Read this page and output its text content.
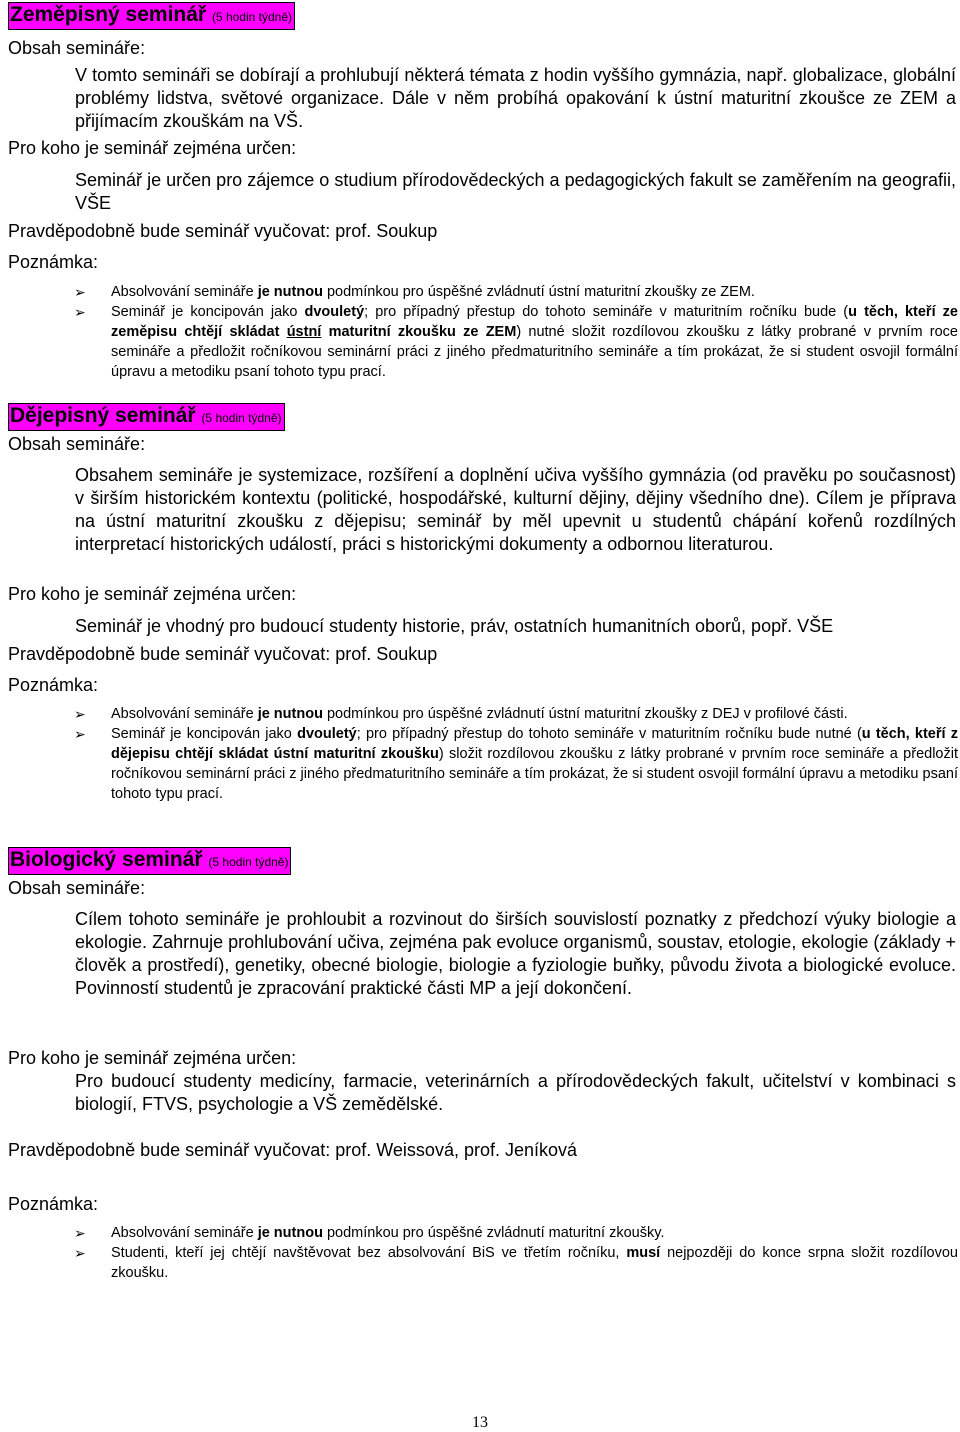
Zeměpisný seminář (5 hodin týdně)
Obsah semináře:
V tomto semináři se dobírají a prohlubují některá témata z hodin vyššího gymnázia, např. globalizace, globální problémy lidstva, světové organizace. Dále v něm probíhá opakování k ústní maturitní zkoušce ze ZEM a přijímacím zkouškám na VŠ.
Pro koho je seminář zejména určen:
Seminář je určen pro zájemce o studium přírodovědeckých a pedagogických fakult se zaměřením na geografii, VŠE
Pravděpodobně bude seminář vyučovat: prof. Soukup
Poznámka:
➢ Absolvování semináře je nutnou podmínkou pro úspěšné zvládnutí ústní maturitní zkoušky ze ZEM.
➢ Seminář je koncipován jako dvouletý; pro případný přestup do tohoto semináře v maturitním ročníku bude (u těch, kteří ze zeměpisu chtějí skládat ústní maturitní zkoušku ze ZEM) nutné složit rozdílovou zkoušku z látky probrané v prvním roce semináře a předložit ročníkovou seminární práci z jiného předmaturitního semináře a tím prokázat, že si student osvojil formální úpravu a metodiku psaní tohoto typu prací.
Dějepisný seminář (5 hodin týdně)
Obsah semináře:
Obsahem semináře je systemizace, rozšíření a doplnění učiva vyššího gymnázia (od pravěku po současnost) v širším historickém kontextu (politické, hospodářské, kulturní dějiny, dějiny všedního dne). Cílem je příprava na ústní maturitní zkoušku z dějepisu; seminář by měl upevnit u studentů chápání kořenů rozdílných interpretací historických událostí, práci s historickými dokumenty a odbornou literaturou.
Pro koho je seminář zejména určen:
Seminář je vhodný pro budoucí studenty historie, práv, ostatních humanitních oborů, popř. VŠE
Pravděpodobně bude seminář vyučovat: prof. Soukup
Poznámka:
➢ Absolvování semináře je nutnou podmínkou pro úspěšné zvládnutí ústní maturitní zkoušky z DEJ v profilové části.
➢ Seminář je koncipován jako dvouletý; pro případný přestup do tohoto semináře v maturitním ročníku bude nutné (u těch, kteří z dějepisu chtějí skládat ústní maturitní zkoušku) složit rozdílovou zkoušku z látky probrané v prvním roce semináře a předložit ročníkovou seminární práci z jiného předmaturitního semináře a tím prokázat, že si student osvojil formální úpravu a metodiku psaní tohoto typu prací.
Biologický seminář (5 hodin týdně)
Obsah semináře:
Cílem tohoto semináře je prohloubit a rozvinout do širších souvislostí poznatky z předchozí výuky biologie a ekologie. Zahrnuje prohlubování učiva, zejména pak evoluce organismů, soustav, etologie, ekologie (základy + člověk a prostředí), genetiky, obecné biologie, biologie a fyziologie buňky, původu života a biologické evoluce. Povinností studentů je zpracování praktické části MP a její dokončení.
Pro koho je seminář zejména určen:
Pro budoucí studenty medicíny, farmacie, veterinárních a přírodovědeckých fakult, učitelství v kombinaci s biologií, FTVS, psychologie a VŠ zemědělské.
Pravděpodobně bude seminář vyučovat: prof. Weissová, prof. Jeníková
Poznámka:
➢ Absolvování semináře je nutnou podmínkou pro úspěšné zvládnutí maturitní zkoušky.
➢ Studenti, kteří jej chtějí navštěvovat bez absolvování BiS ve třetím ročníku, musí nejpozději do konce srpna složit rozdílovou zkoušku.
13
